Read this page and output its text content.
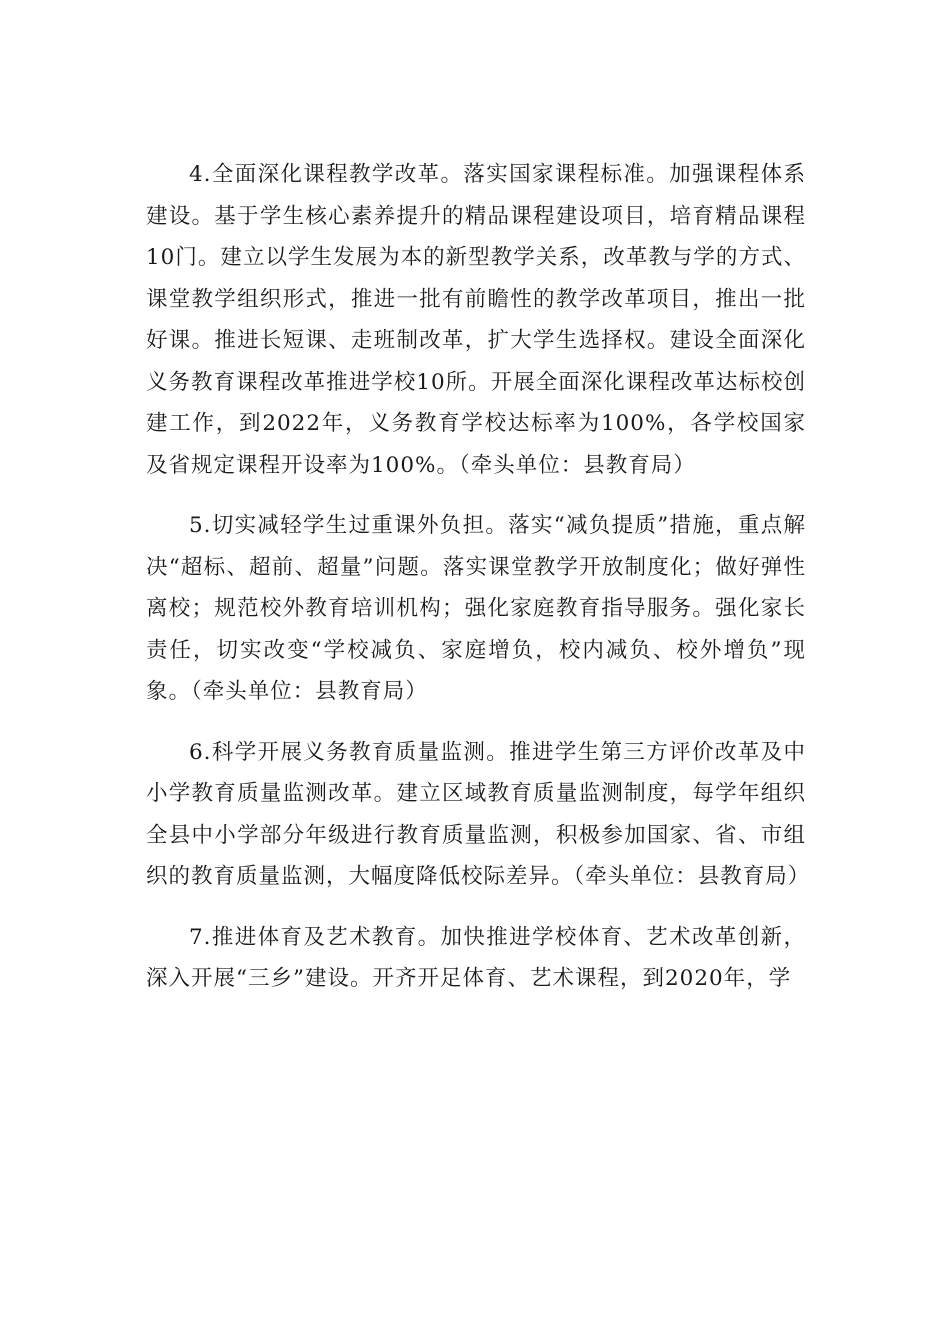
4.全面深化课程教学改革。落实国家课程标准。加强课程体系建设。基于学生核心素养提升的精品课程建设项目，培育精品课程10门。建立以学生发展为本的新型教学关系，改革教与学的方式、课堂教学组织形式，推进一批有前瞻性的教学改革项目，推出一批好课。推进长短课、走班制改革，扩大学生选择权。建设全面深化义务教育课程改革推进学校10所。开展全面深化课程改革达标校创建工作，到2022年，义务教育学校达标率为100%，各学校国家及省规定课程开设率为100%。（牵头单位：县教育局）

5.切实减轻学生过重课外负担。落实“减负提质”措施，重点解决“超标、超前、超量”问题。落实课堂教学开放制度化；做好弹性离校；规范校外教育培训机构；强化家庭教育指导服务。强化家长责任，切实改变“学校减负、家庭增负，校内减负、校外增负”现象。（牵头单位：县教育局）

6.科学开展义务教育质量监测。推进学生第三方评价改革及中小学教育质量监测改革。建立区域教育质量监测制度，每学年组织全县中小学部分年级进行教育质量监测，积极参加国家、省、市组织的教育质量监测，大幅度降低校际差异。（牵头单位：县教育局）

7.推进体育及艺术教育。加快推进学校体育、艺术改革创新，深入开展“三乡”建设。开齐开足体育、艺术课程，到2020年，学
